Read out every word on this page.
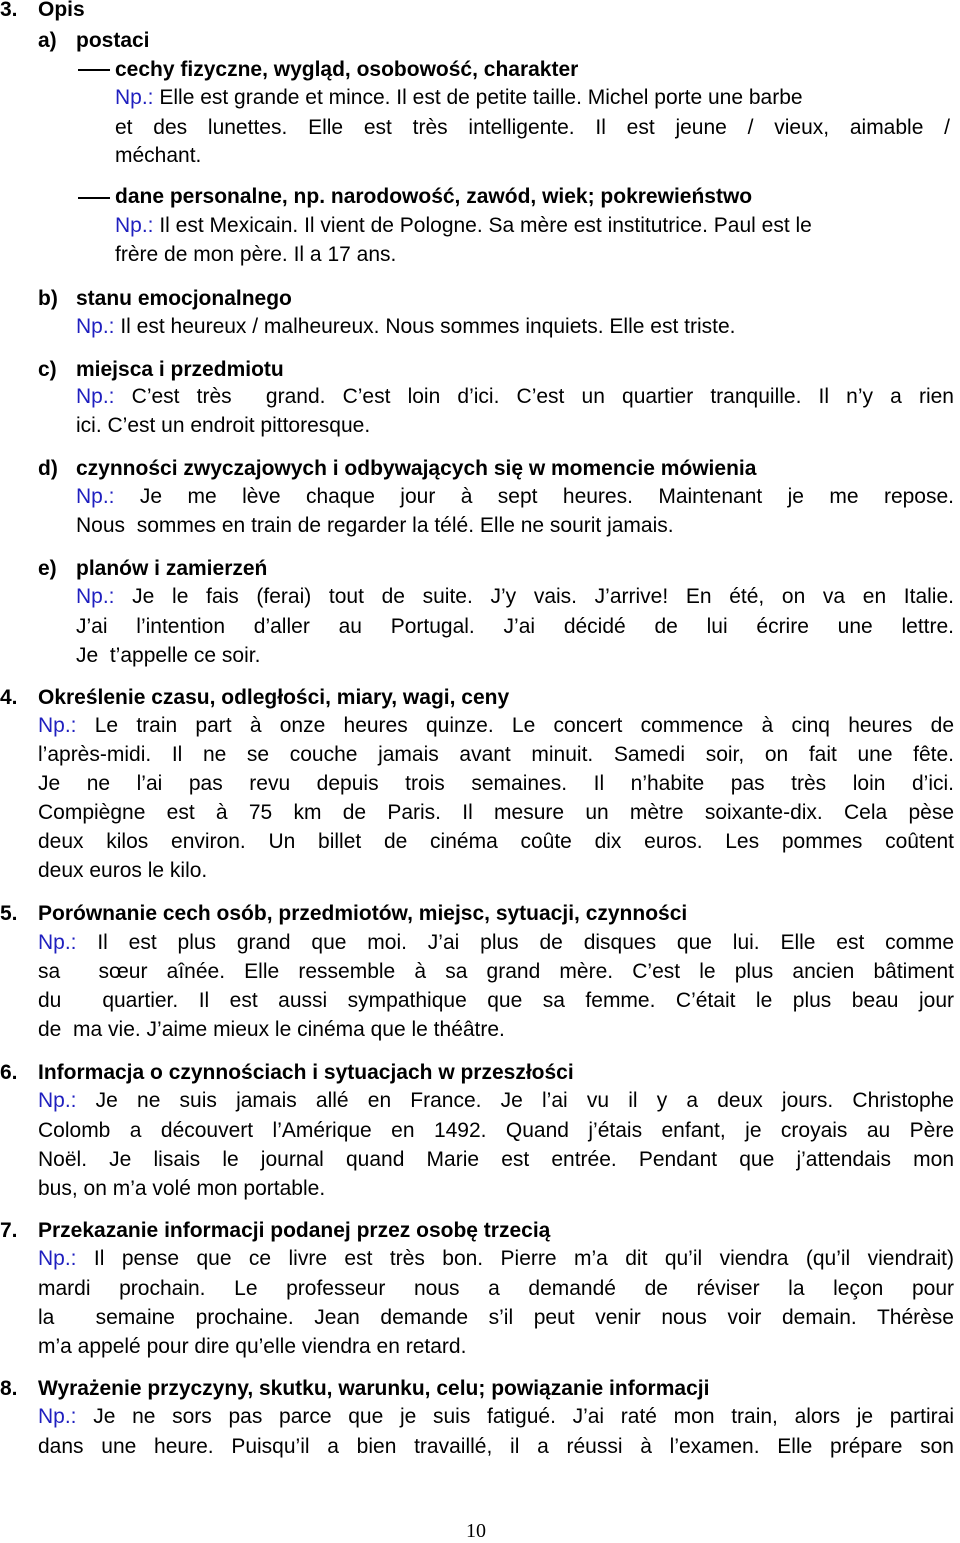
3. Opis
a) postaci
cechy fizyczne, wygląd, osobowość, charakter
Np.: Elle est grande et mince. Il est de petite taille. Michel porte une barbe
et des lunettes. Elle est très intelligente. Il est jeune / vieux, aimable /
méchant.
dane personalne, np. narodowość, zawód, wiek; pokrewieństwo
Np.: Il est Mexicain. Il vient de Pologne. Sa mère est institutrice. Paul est le
frère de mon père. Il a 17 ans.
b) stanu emocjonalnego
Np.: Il est heureux / malheureux. Nous sommes inquiets. Elle est triste.
c) miejsca i przedmiotu
Np.: C’est très  grand. C’est loin d’ici. C’est un quartier tranquille. Il n’y a rien
ici. C’est un endroit pittoresque.
d) czynności zwyczajowych i odbywających się w momencie mówienia
Np.: Je me lève chaque jour à sept heures. Maintenant je me repose.
Nous  sommes en train de regarder la télé. Elle ne sourit jamais.
e) planów i zamierzeń
Np.: Je le fais (ferai) tout de suite. J’y vais. J’arrive! En été, on va en Italie.
J’ai l’intention d’aller au Portugal. J’ai décidé de lui écrire une lettre.
Je  t’appelle ce soir.
4. Określenie czasu, odległości, miary, wagi, ceny
Np.: Le train part à onze heures quinze. Le concert commence à cinq heures de
l’après-midi. Il ne se couche jamais avant minuit. Samedi soir, on fait une fête.
Je ne l’ai pas revu depuis trois semaines. Il n’habite pas très loin d’ici.
Compiègne est à 75 km de Paris. Il mesure un mètre soixante-dix. Cela pèse
deux kilos environ. Un billet de cinéma coûte dix euros. Les pommes coûtent
deux euros le kilo.
5. Porównanie cech osób, przedmiotów, miejsc, sytuacji, czynności
Np.: Il est plus grand que moi. J’ai plus de disques que lui. Elle est comme
sa  sœur aînée. Elle ressemble à sa grand mère. C’est le plus ancien bâtiment
du  quartier. Il est aussi sympathique que sa femme. C’était le plus beau jour
de  ma vie. J’aime mieux le cinéma que le théâtre.
6. Informacja o czynnościach i sytuacjach w przeszłości
Np.: Je ne suis jamais allé en France. Je l’ai vu il y a deux jours. Christophe
Colomb a découvert l’Amérique en 1492. Quand j’étais enfant, je croyais au Père
Noël. Je lisais le journal quand Marie est entrée. Pendant que j’attendais mon
bus, on m’a volé mon portable.
7. Przekazanie informacji podanej przez osobę trzecią
Np.: Il pense que ce livre est très bon. Pierre m’a dit qu’il viendra (qu’il viendrait)
mardi prochain. Le professeur nous a demandé de réviser la leçon pour
la  semaine prochaine. Jean demande s’il peut venir nous voir demain. Thérèse
m’a appelé pour dire qu’elle viendra en retard.
8. Wyrażenie przyczyny, skutku, warunku, celu; powiązanie informacji
Np.: Je ne sors pas parce que je suis fatigué. J’ai raté mon train, alors je partirai
dans une heure. Puisqu’il a bien travaillé, il a réussi à l’examen. Elle prépare son
10
